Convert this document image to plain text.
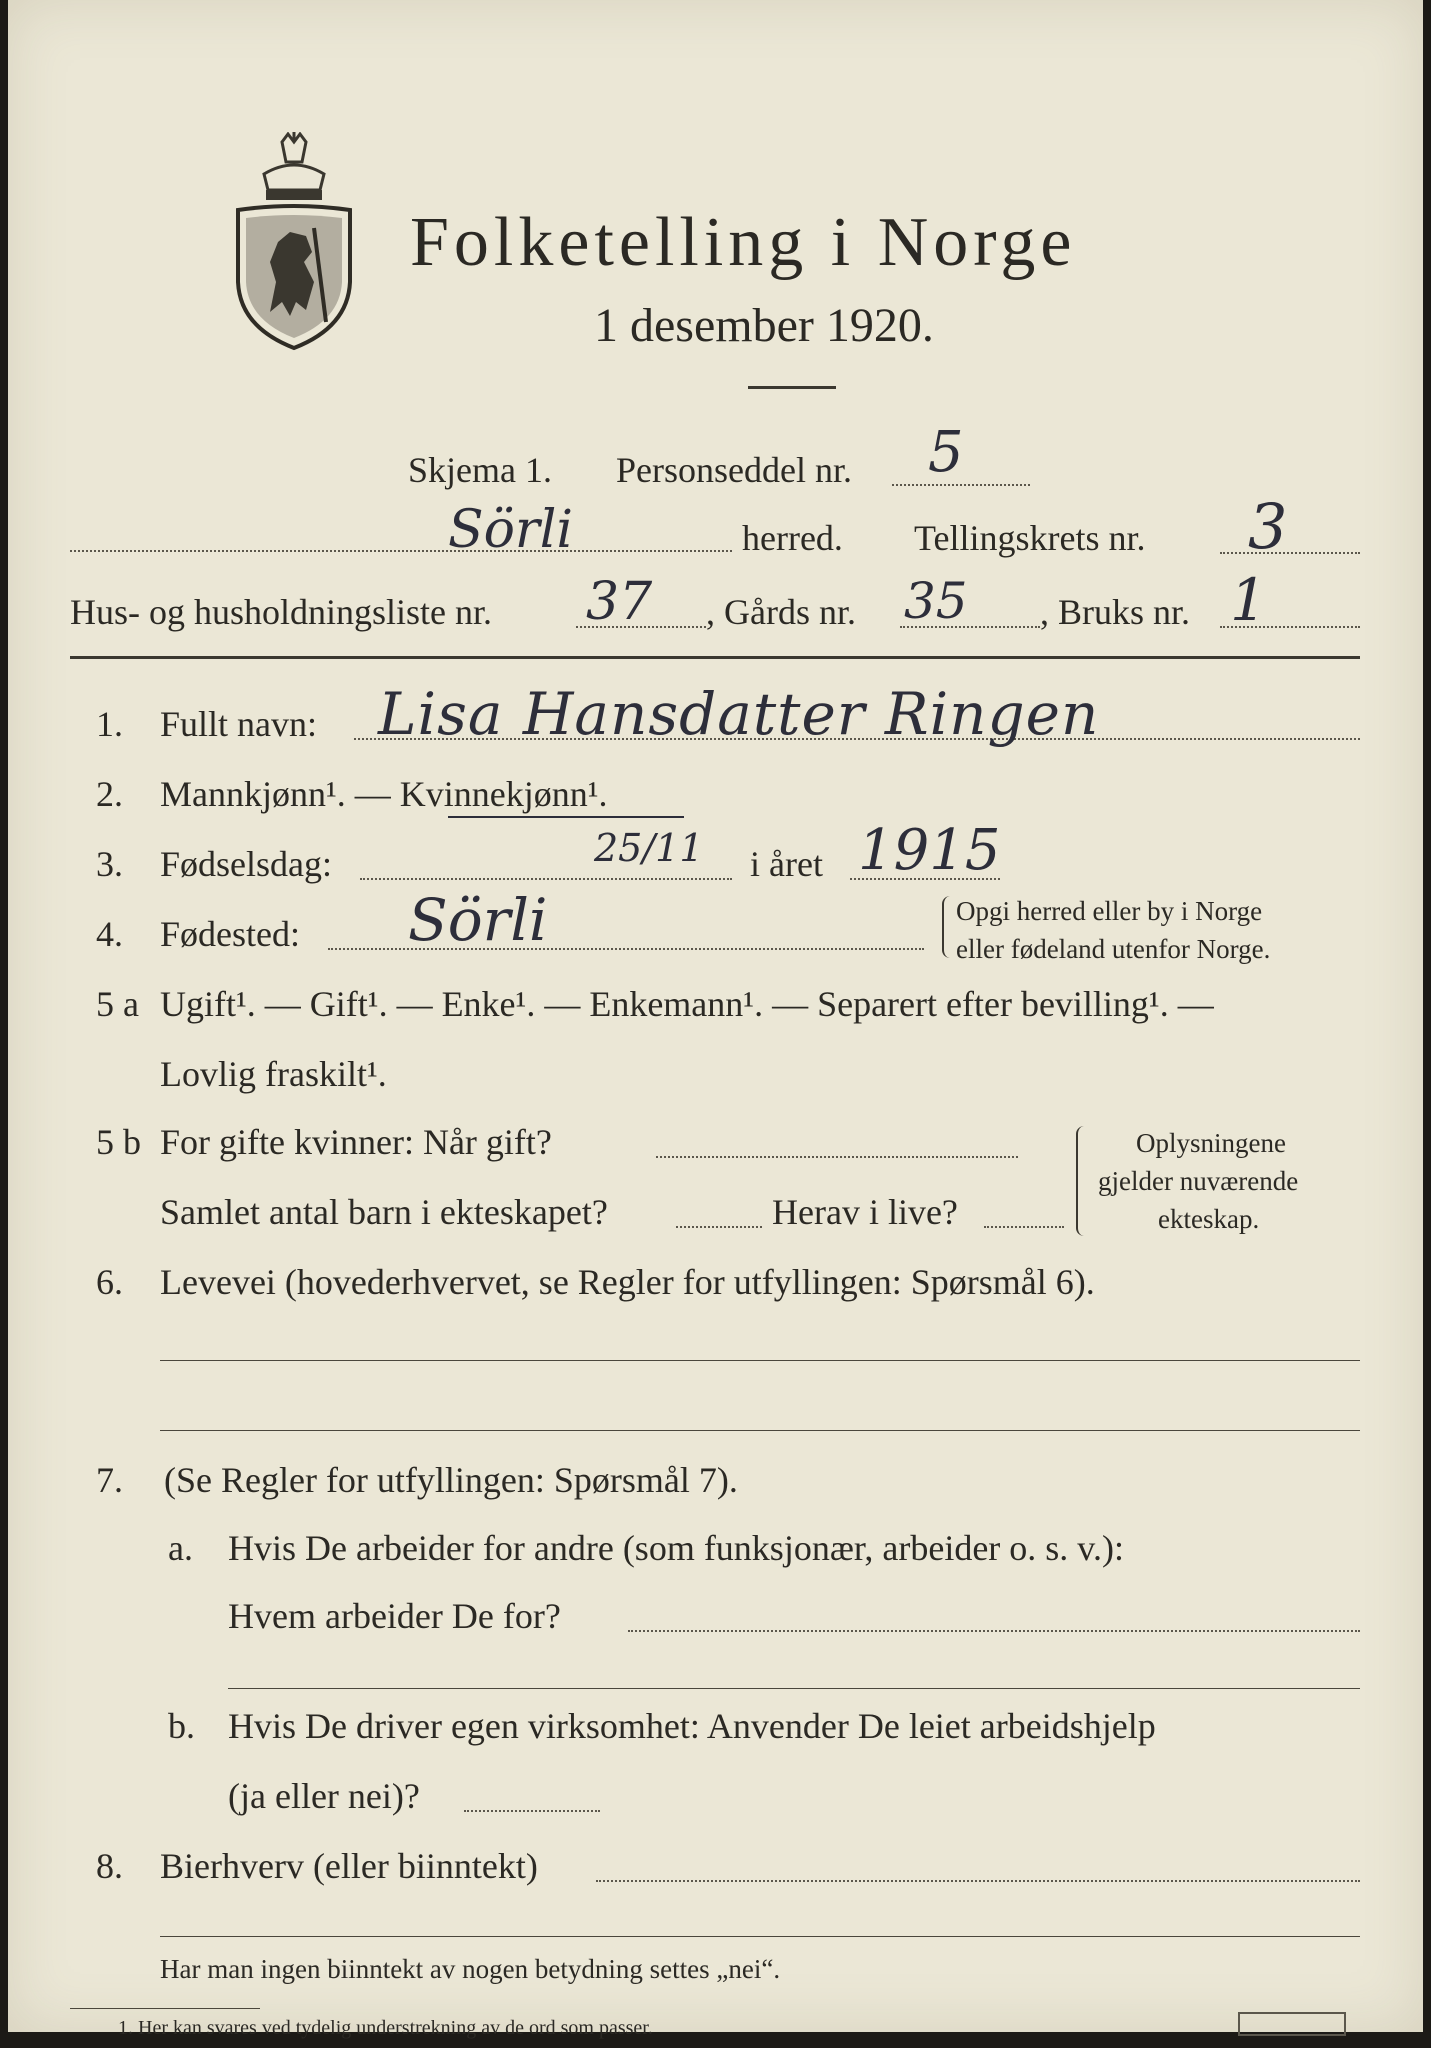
Folketelling i Norge
1 desember 1920.
Skjema 1. Personseddel nr. 5
Sörli	herred. Tellingskrets nr. 3
Hus- og husholdningsliste nr. 37 , Gårds nr. 35 , Bruks nr. 1
1. Fullt navn: Lisa Hansdatter Ringen
2. Mannkjønn¹. — Kvinnekjønn¹.
3. Fødselsdag:	25/11 i året 1915
4. Fødested: Sörli	Opgi herred eller by i Norge
eller fødeland utenfor Norge.
5 a Ugift¹. — Gift¹. — Enke¹. — Enkemann¹. — Separert efter bevilling¹. —
Lovlig fraskilt¹.
5 b For gifte kvinner: Når gift?
Samlet antal barn i ekteskapet?	Herav i live?
Oplysningene
gjelder nuværende
ekteskap.
6. Levevei (hovederhvervet, se Regler for utfyllingen: Spørsmål 6).
7. (Se Regler for utfyllingen: Spørsmål 7).
a. Hvis De arbeider for andre (som funksjonær, arbeider o. s. v.):
Hvem arbeider De for?
b. Hvis De driver egen virksomhet: Anvender De leiet arbeidshjelp
(ja eller nei)?
8. Bierhverv (eller biinntekt)
Har man ingen biinntekt av nogen betydning settes „nei“.
1. Her kan svares ved tydelig understrekning av de ord som passer.
